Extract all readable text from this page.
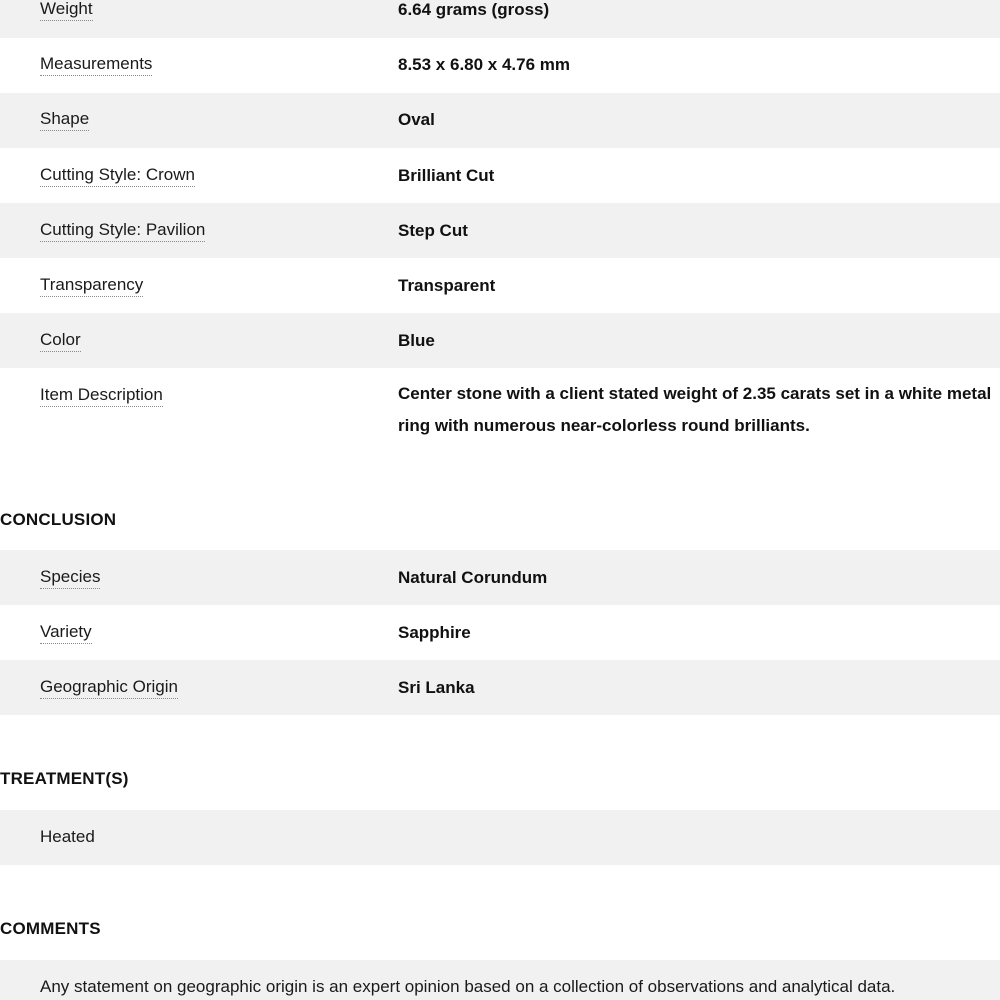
Weight	6.64 grams (gross)
Measurements	8.53 x 6.80 x 4.76 mm
Shape	Oval
Cutting Style: Crown	Brilliant Cut
Cutting Style: Pavilion	Step Cut
Transparency	Transparent
Color	Blue
Item Description	Center stone with a client stated weight of 2.35 carats set in a white metal ring with numerous near-colorless round brilliants.
CONCLUSION
Species	Natural Corundum
Variety	Sapphire
Geographic Origin	Sri Lanka
TREATMENT(S)
Heated
COMMENTS
Any statement on geographic origin is an expert opinion based on a collection of observations and analytical data.
